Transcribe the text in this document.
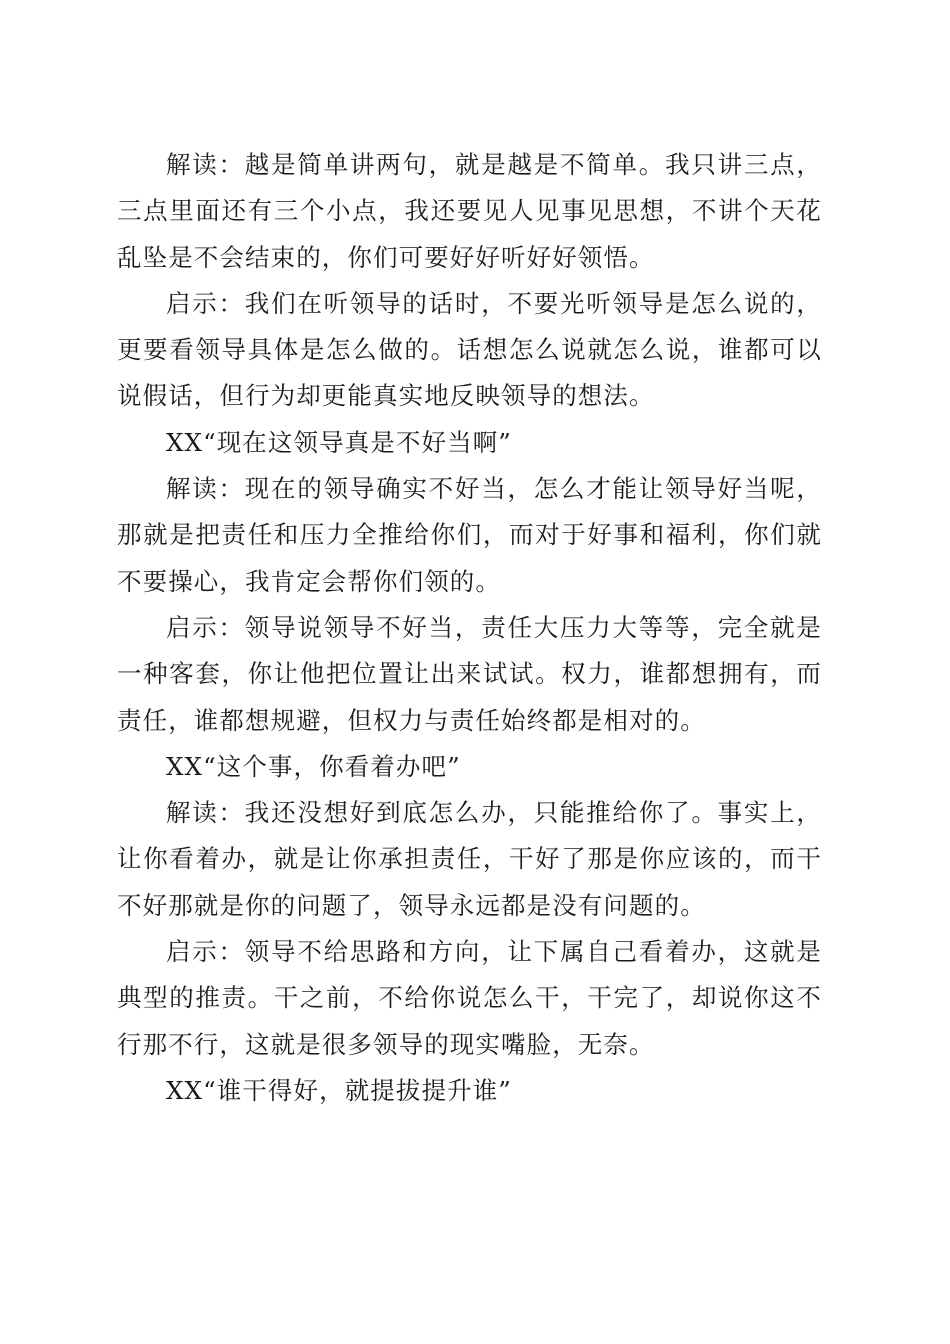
解读：越是简单讲两句，就是越是不简单。我只讲三点，三点里面还有三个小点，我还要见人见事见思想，不讲个天花乱坠是不会结束的，你们可要好好听好好领悟。

启示：我们在听领导的话时，不要光听领导是怎么说的，更要看领导具体是怎么做的。话想怎么说就怎么说，谁都可以说假话，但行为却更能真实地反映领导的想法。

XX“现在这领导真是不好当啊”

解读：现在的领导确实不好当，怎么才能让领导好当呢，那就是把责任和压力全推给你们，而对于好事和福利，你们就不要操心，我肯定会帮你们领的。

启示：领导说领导不好当，责任大压力大等等，完全就是一种客套，你让他把位置让出来试试。权力，谁都想拥有，而责任，谁都想规避，但权力与责任始终都是相对的。

XX“这个事，你看着办吧”

解读：我还没想好到底怎么办，只能推给你了。事实上，让你看着办，就是让你承担责任，干好了那是你应该的，而干不好那就是你的问题了，领导永远都是没有问题的。

启示：领导不给思路和方向，让下属自己看着办，这就是典型的推责。干之前，不给你说怎么干，干完了，却说你这不行那不行，这就是很多领导的现实嘴脸，无奈。

XX“谁干得好，就提拔提升谁”
